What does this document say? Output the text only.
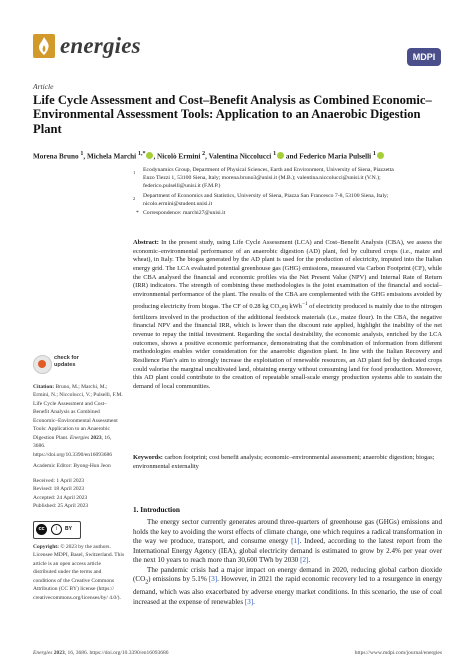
energies	MDPI
Article
Life Cycle Assessment and Cost–Benefit Analysis as Combined Economic–Environmental Assessment Tools: Application to an Anaerobic Digestion Plant
Morena Bruno $^1$, Michela Marchi $^{1,*}$ , Nicolò Ermini $^2$, Valentina Niccolucci $^1$ and Federico Maria Pulselli $^1$
1 Ecodynamics Group, Department of Physical Sciences, Earth and Environment, University of Siena, Piazzetta
Enzo Tiezzi 1, 53100 Siena, Italy; morena.bruno3@unisi.it (M.B.); valentina.niccolucci@unisi.it (V.N.);
federico.pulselli@unisi.it (F.M.P.)
2 Department of Economics and Statistics, University of Siena, Piazza San Francesco 7-8, 53100 Siena, Italy;
nicolo.ermini@student.unisi.it
* Correspondence: marchi27@unisi.it
Abstract: In the present study, using Life Cycle Assessment (LCA) and Cost–Benefit Analysis (CBA), we assess the economic–environmental performance of an anaerobic digestion (AD) plant, fed by cultured crops (i.e., maize and wheat), in Italy. The biogas generated by the AD plant is used for the production of electricity, imputed into the Italian energy grid. The LCA evaluated potential greenhouse gas (GHG) emissions, measured via Carbon Footprint (CF), while the CBA analysed the financial and economic profiles via the Net Present Value (NPV) and Internal Rate of Return (IRR) indicators. The strength of combining these methodologies is the joint examination of the financial and social–environmental performance of the plant. The results of the CBA are complemented with the GHG emissions avoided by producing electricity from biogas. The CF of 0.28 kg $CO_2eq$ kWh$^{-1}$ of electricity produced is mainly due to the nitrogen fertilizers involved in the production of the additional feedstock materials (i.e., maize flour). In the CBA, the negative financial NPV and the financial IRR, which is lower than the discount rate applied, highlight the inability of the net revenue to repay the initial investment. Regarding the social desirability, the economic analysis, enriched by the LCA outcomes, shows a positive economic performance, demonstrating that the combination of information from different methodologies enables wider consideration for the anaerobic digestion plant. In line with the Italian Recovery and Resilience Plan’s aim to strongly increase the exploitation of renewable resources, an AD plant fed by dedicated crops could valorise the marginal uncultivated land, obtaining energy without consuming land for food production. Moreover, this AD plant could contribute to the creation of repeatable small-scale energy production systems able to sustain the demand of local communities.
Keywords: carbon footprint; cost benefit analysis; economic–environmental assessment; anaerobic digestion; biogas; environmental externality
check for
updates
Citation: Bruno, M.; Marchi, M.; Ermini, N.; Niccolucci, V.; Pulselli, F.M. Life Cycle Assessment and Cost–Benefit Analysis as Combined Economic–Environmental Assessment Tools: Application to an Anaerobic Digestion Plant. Energies 2023, 16, 3686. https://doi.org/10.3390/en16093686
Academic Editor: Byong-Hun Jeon
Received: 1 April 2023
Revised: 18 April 2023
Accepted: 24 April 2023
Published: 25 April 2023
cc	i	BY
Copyright: © 2023 by the authors. Licensee MDPI, Basel, Switzerland. This article is an open access article distributed under the terms and conditions of the Creative Commons Attribution (CC BY) license (https:// creativecommons.org/licenses/by/ 4.0/).
1. Introduction

The energy sector currently generates around three-quarters of greenhouse gas (GHGs) emissions and holds the key to avoiding the worst effects of climate change, one which requires a radical transformation in the way we produce, transport, and consume energy [1]. Indeed, according to the latest report from the International Energy Agency (IEA), global electricity demand is estimated to grow by 2.4% per year over the next 10 years to reach more than 30,600 TWh by 2030 [2].

The pandemic crisis had a major impact on energy demand in 2020, reducing global carbon dioxide $(CO_2)$ emissions by 5.1% [3]. However, in 2021 the rapid economic recovery led to a resurgence in energy demand, which was also exacerbated by adverse energy market conditions. In this scenario, the use of coal increased at the expense of renewables [3].

Energies 2023, 16, 3686. https://doi.org/10.3390/en16093686	https://www.mdpi.com/journal/energies
